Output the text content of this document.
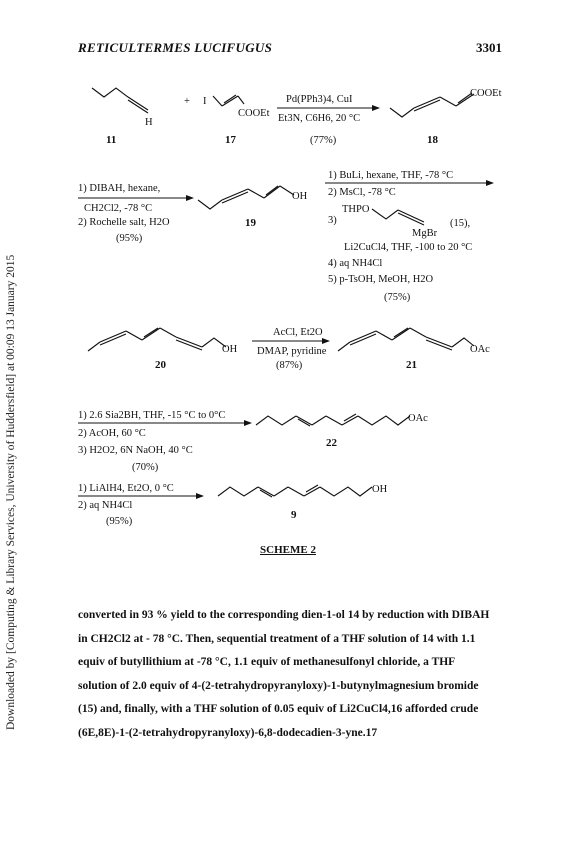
RETICULTERMES LUCIFUGUS	3301
Downloaded by [Computing & Library Services, University of Huddersfield] at 00:09 13 January 2015
H
11
+ I
COOEt
17
Pd(PPh3)4, CuI
Et3N, C6H6, 20 °C
(77%)
COOEt
18
1) DIBAH, hexane,
CH2Cl2, -78 °C
2) Rochelle salt, H2O
(95%)
OH
19
1) BuLi, hexane, THF, -78 °C
2) MsCl, -78 °C
3)
THPO
MgBr
(15),
Li2CuCl4, THF, -100 to 20 °C
4) aq NH4Cl
5) p-TsOH, MeOH, H2O
(75%)
OH
20
AcCl, Et2O
DMAP, pyridine
(87%)
OAc
21
1) 2.6 Sia2BH, THF, -15 °C to 0°C
2) AcOH, 60 °C
3) H2O2, 6N NaOH, 40 °C
(70%)
OAc
22
1) LiAlH4, Et2O, 0 °C
2) aq NH4Cl
(95%)
OH
9
SCHEME 2

converted in 93 % yield to the corresponding dien-1-ol 14 by reduction with DIBAH

in CH2Cl2 at - 78 °C. Then, sequential treatment of a THF solution of 14 with 1.1

equiv of butyllithium at -78 °C, 1.1 equiv of methanesulfonyl chloride, a THF

solution of 2.0 equiv of 4-(2-tetrahydropyranyloxy)-1-butynylmagnesium bromide

(15) and, finally, with a THF solution of 0.05 equiv of Li2CuCl4,16 afforded crude

(6E,8E)-1-(2-tetrahydropyranyloxy)-6,8-dodecadien-3-yne.17
